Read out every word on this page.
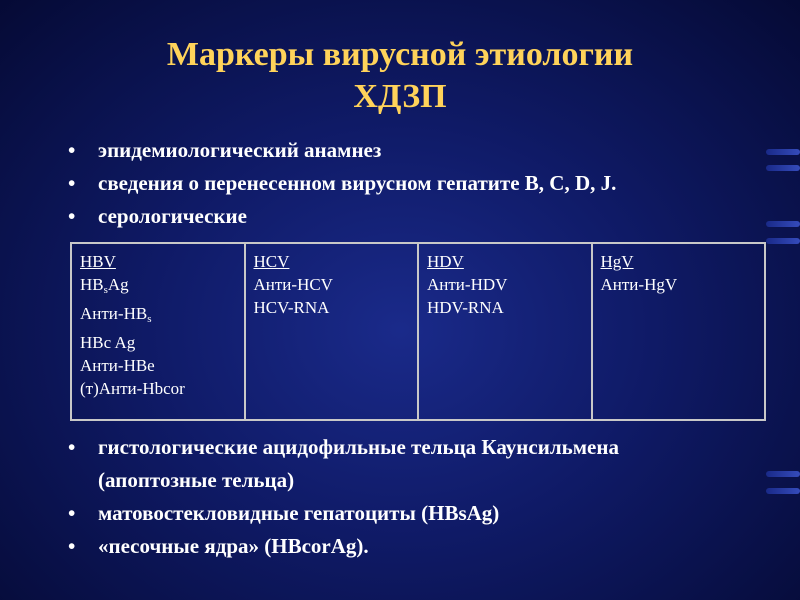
Маркеры вирусной этиологии
ХДЗП
• эпидемиологический анамнез
• сведения о перенесенном вирусном гепатите В, С, D, J.
• серологические
HBV
$HB_sAg$
Анти-$HB_s$
HBc Ag
Анти-HBe
(т)Анти-Hbcor

HCV
Анти-HCV
HCV-RNA

HDV
Анти-HDV
HDV-RNA

HgV
Анти-HgV
• гистологические ацидофильные тельца Каунсильмена
(апоптозные тельца)
• матовостекловидные гепатоциты (HBsAg)
• «песочные ядра» (HBcorAg).
